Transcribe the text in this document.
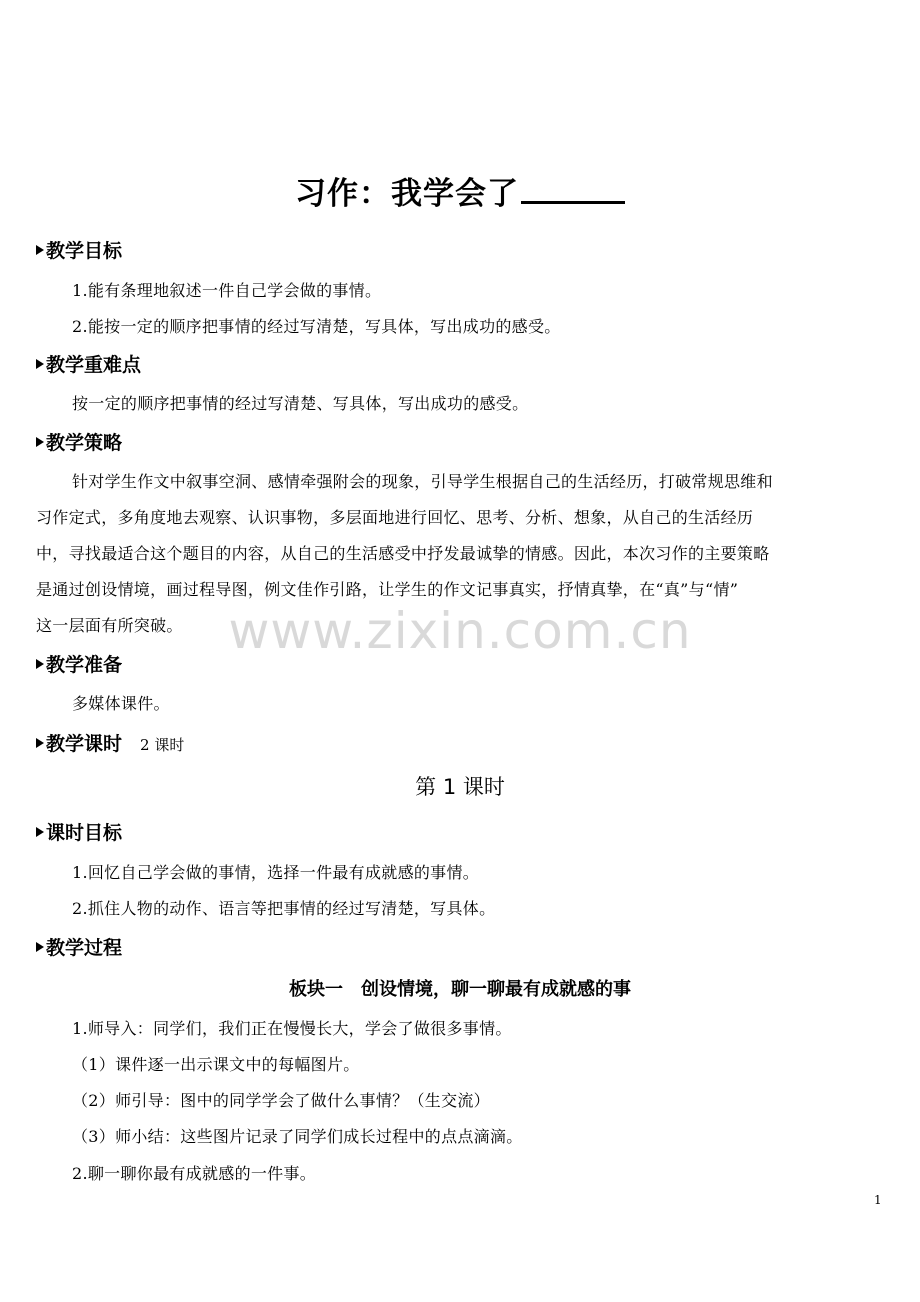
习作：我学会了
教学目标
1.能有条理地叙述一件自己学会做的事情。
2.能按一定的顺序把事情的经过写清楚，写具体，写出成功的感受。
教学重难点
按一定的顺序把事情的经过写清楚、写具体，写出成功的感受。
教学策略
针对学生作文中叙事空洞、感情牵强附会的现象，引导学生根据自己的生活经历，打破常规思维和
习作定式，多角度地去观察、认识事物，多层面地进行回忆、思考、分析、想象，从自己的生活经历
中，寻找最适合这个题目的内容，从自己的生活感受中抒发最诚挚的情感。因此，本次习作的主要策略
是通过创设情境，画过程导图，例文佳作引路，让学生的作文记事真实，抒情真挚，在“真”与“情”
这一层面有所突破。 www.zixin.com.cn
教学准备
多媒体课件。
教学课时 2 课时
第 1 课时
课时目标
1.回忆自己学会做的事情，选择一件最有成就感的事情。
2.抓住人物的动作、语言等把事情的经过写清楚，写具体。
教学过程
板块一　创设情境，聊一聊最有成就感的事
1.师导入：同学们，我们正在慢慢长大，学会了做很多事情。
（1）课件逐一出示课文中的每幅图片。
（2）师引导：图中的同学学会了做什么事情？（生交流）
（3）师小结：这些图片记录了同学们成长过程中的点点滴滴。
2.聊一聊你最有成就感的一件事。
1
